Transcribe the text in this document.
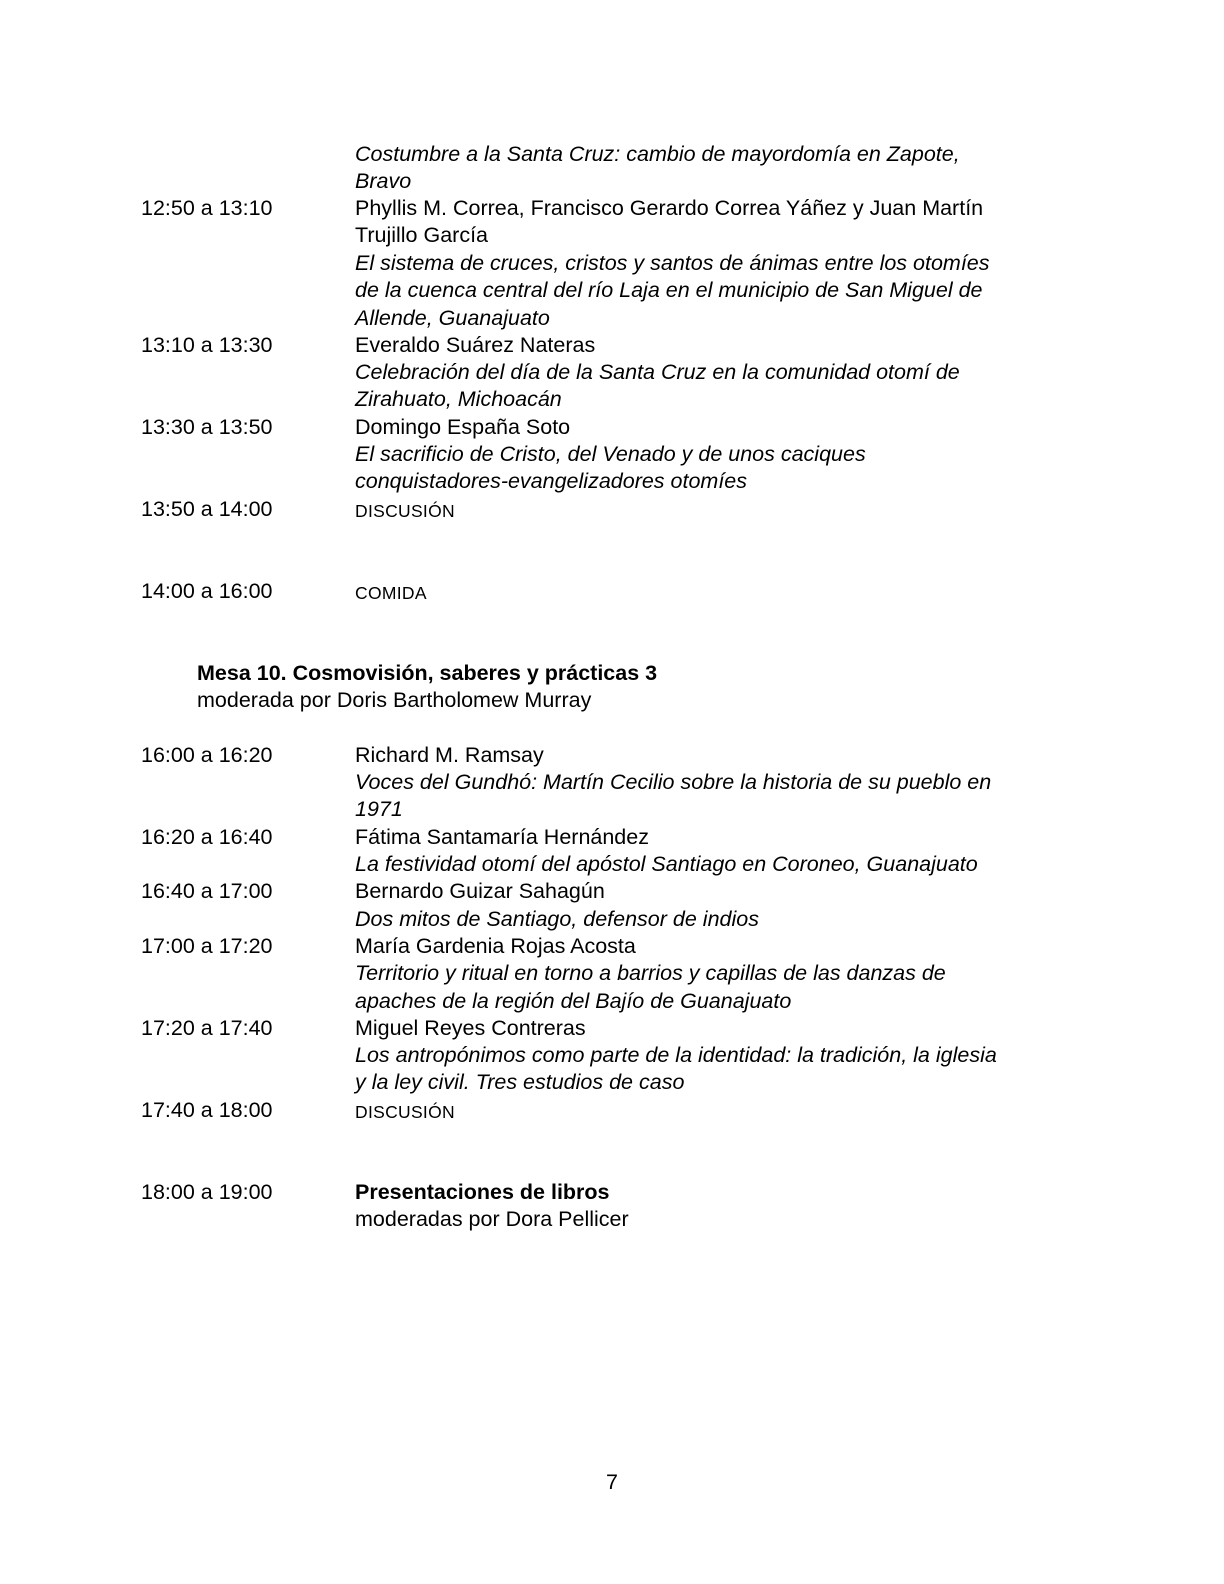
Costumbre a la Santa Cruz: cambio de mayordomía en Zapote,
Bravo
12:50 a 13:10	Phyllis M. Correa, Francisco Gerardo Correa Yáñez y Juan Martín
Trujillo García
El sistema de cruces, cristos y santos de ánimas entre los otomíes
de la cuenca central del río Laja en el municipio de San Miguel de
Allende, Guanajuato
13:10 a 13:30	Everaldo Suárez Nateras
Celebración del día de la Santa Cruz en la comunidad otomí de
Zirahuato, Michoacán
13:30 a 13:50	Domingo España Soto
El sacrificio de Cristo, del Venado y de unos caciques
conquistadores-evangelizadores otomíes
13:50 a 14:00	DISCUSIÓN
14:00 a 16:00	COMIDA
Mesa 10. Cosmovisión, saberes y prácticas 3
moderada por Doris Bartholomew Murray
16:00 a 16:20	Richard M. Ramsay
Voces del Gundhó: Martín Cecilio sobre la historia de su pueblo en
1971
16:20 a 16:40	Fátima Santamaría Hernández
La festividad otomí del apóstol Santiago en Coroneo, Guanajuato
16:40 a 17:00	Bernardo Guizar Sahagún
Dos mitos de Santiago, defensor de indios
17:00 a 17:20	María Gardenia Rojas Acosta
Territorio y ritual en torno a barrios y capillas de las danzas de
apaches de la región del Bajío de Guanajuato
17:20 a 17:40	Miguel Reyes Contreras
Los antropónimos como parte de la identidad: la tradición, la iglesia
y la ley civil. Tres estudios de caso
17:40 a 18:00	DISCUSIÓN
18:00 a 19:00	Presentaciones de libros
moderadas por Dora Pellicer
7
